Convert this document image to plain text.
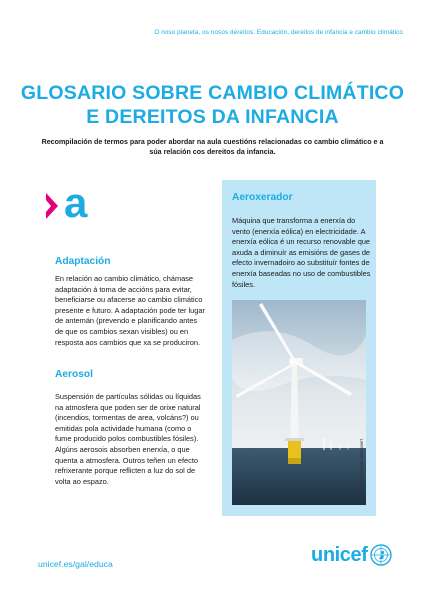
O noso planeta, os nosos dereitos: Educación, dereitos de infancia e cambio climático
GLOSARIO SOBRE CAMBIO CLIMÁTICO
E DEREITOS DA INFANCIA
Recompilación de termos para poder abordar na aula cuestións relacionadas co cambio climático e a súa relación cos dereitos da infancia.
a
Adaptación
En relación ao cambio climático, chámase adaptación á toma de accións para evitar, beneficiarse ou afacerse ao cambio climático presente e futuro. A adaptación pode ter lugar de antemán (prevendo e planificando antes de que os cambios sexan visibles) ou en resposta aos cambios que xa se produciron.
Aerosol
Suspensión de partículas sólidas ou líquidas na atmosfera que poden ser de orixe natural (incendios, tormentas de area, volcáns?) ou emitidas pola actividade humana (como o fume producido polos combustibles fósiles). Algúns aerosois absorben enerxía, o que quenta a atmosfera. Outros teñen un efecto refrixerante porque reflicten a luz do sol de volta ao espazo.
Aeroxerador
Máquina que transforma a enerxía do vento (enerxía eólica) en electricidade. A enerxía eólica é un recurso renovable que axuda a diminuír as emisións de gases de efecto invernadoiro ao substituír fontes de enerxía baseadas no uso de combustibles fósiles.
CC BY-SA 4.0 Hans Hillewaert
unicef.es/gal/educa	unicef
